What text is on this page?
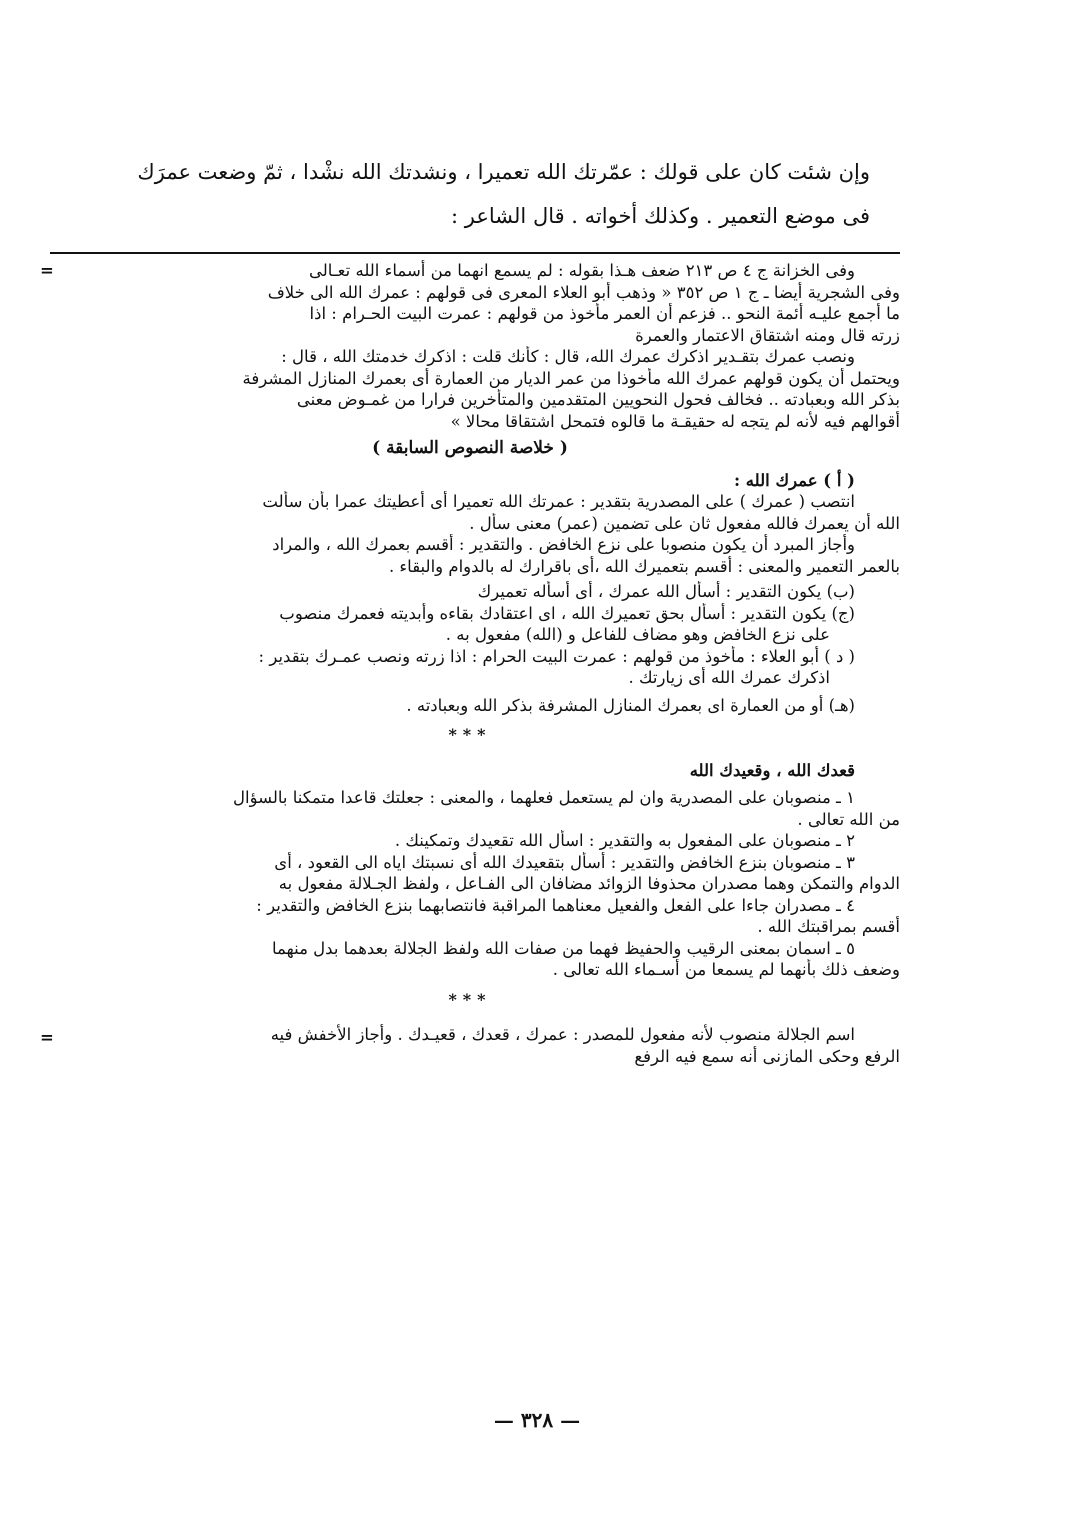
وإن شئت كان على قولك : عمّرتك الله تعميرا ، ونشدتك الله نشْدا ، ثمّ وضعت عمرَك
فى موضع التعمير . وكذلك أخواته . قال الشاعر :
=	وفى الخزانة ج ٤ ص ٢١٣ ضعف هـذا بقوله : لم يسمع انهما من أسماء الله تعـالى
وفى الشجرية أيضا ـ ج ١ ص ٣٥٢ « وذهب أبو العلاء المعرى فى قولهم : عمرك الله الى خلاف
ما أجمع عليـه أئمة النحو .. فزعم أن العمر مأخوذ من قولهم : عمرت البيت الحـرام : اذا
زرته قال ومنه اشتقاق الاعتمار والعمرة
ونصب عمرك بتقـدير اذكرك عمرك الله، قال : كأنك قلت : اذكرك خدمتك الله ، قال :
ويحتمل أن يكون قولهم عمرك الله مأخوذا من عمر الديار من العمارة أى بعمرك المنازل المشرفة
بذكر الله وبعبادته .. فخالف فحول النحويين المتقدمين والمتأخرين فرارا من غمـوض معنى
أقوالهم فيه لأنه لم يتجه له حقيقـة ما قالوه فتمحل اشتقاقا محالا »
( خلاصة النصوص السابقة )
( أ ) عمرك الله :
انتصب ( عمرك ) على المصدرية بتقدير : عمرتك الله تعميرا أى أعطيتك عمرا بأن سألت
الله أن يعمرك فالله مفعول ثان على تضمين (عمر) معنى سأل .
وأجاز المبرد أن يكون منصوبا على نزع الخافض . والتقدير : أقسم بعمرك الله ، والمراد
بالعمر التعمير والمعنى : أقسم بتعميرك الله ،أى باقرارك له بالدوام والبقاء .
(ب) يكون التقدير : أسأل الله عمرك ، أى أسأله تعميرك
(ج) يكون التقدير : أسأل بحق تعميرك الله ، اى اعتقادك بقاءه وأبديته فعمرك منصوب
على نزع الخافض وهو مضاف للفاعل و (الله) مفعول به .
( د ) أبو العلاء : مأخوذ من قولهم : عمرت البيت الحرام : اذا زرته ونصب عمـرك بتقدير :
اذكرك عمرك الله أى زيارتك .
(هـ) أو من العمارة اى بعمرك المنازل المشرفة بذكر الله وبعبادته .
***
قعدك الله ، وقعيدك الله
١ ـ منصوبان على المصدرية وان لم يستعمل فعلهما ، والمعنى : جعلتك قاعدا متمكنا بالسؤال
من الله تعالى .
٢ ـ منصوبان على المفعول به والتقدير : اسأل الله تقعيدك وتمكينك .
٣ ـ منصوبان بنزع الخافض والتقدير : أسأل بتقعيدك الله أى نسبتك اياه الى القعود ، أى
الدوام والتمكن وهما مصدران محذوفا الزوائد مضافان الى الفـاعل ، ولفظ الجـلالة مفعول به
٤ ـ مصدران جاءا على الفعل والفعيل معناهما المراقبة فانتصابهما بنزع الخافض والتقدير :
أقسم بمراقبتك الله .
٥ ـ اسمان بمعنى الرقيب والحفيظ فهما من صفات الله ولفظ الجلالة بعدهما بدل منهما
وضعف ذلك بأنهما لم يسمعا من أسـماء الله تعالى .
***
اسم الجلالة منصوب لأنه مفعول للمصدر : عمرك ، قعدك ، قعيـدك . وأجاز الأخفش فيه
الرفع وحكى المازنى أنه سمع فيه الرفع
=
— ٣٢٨ —
